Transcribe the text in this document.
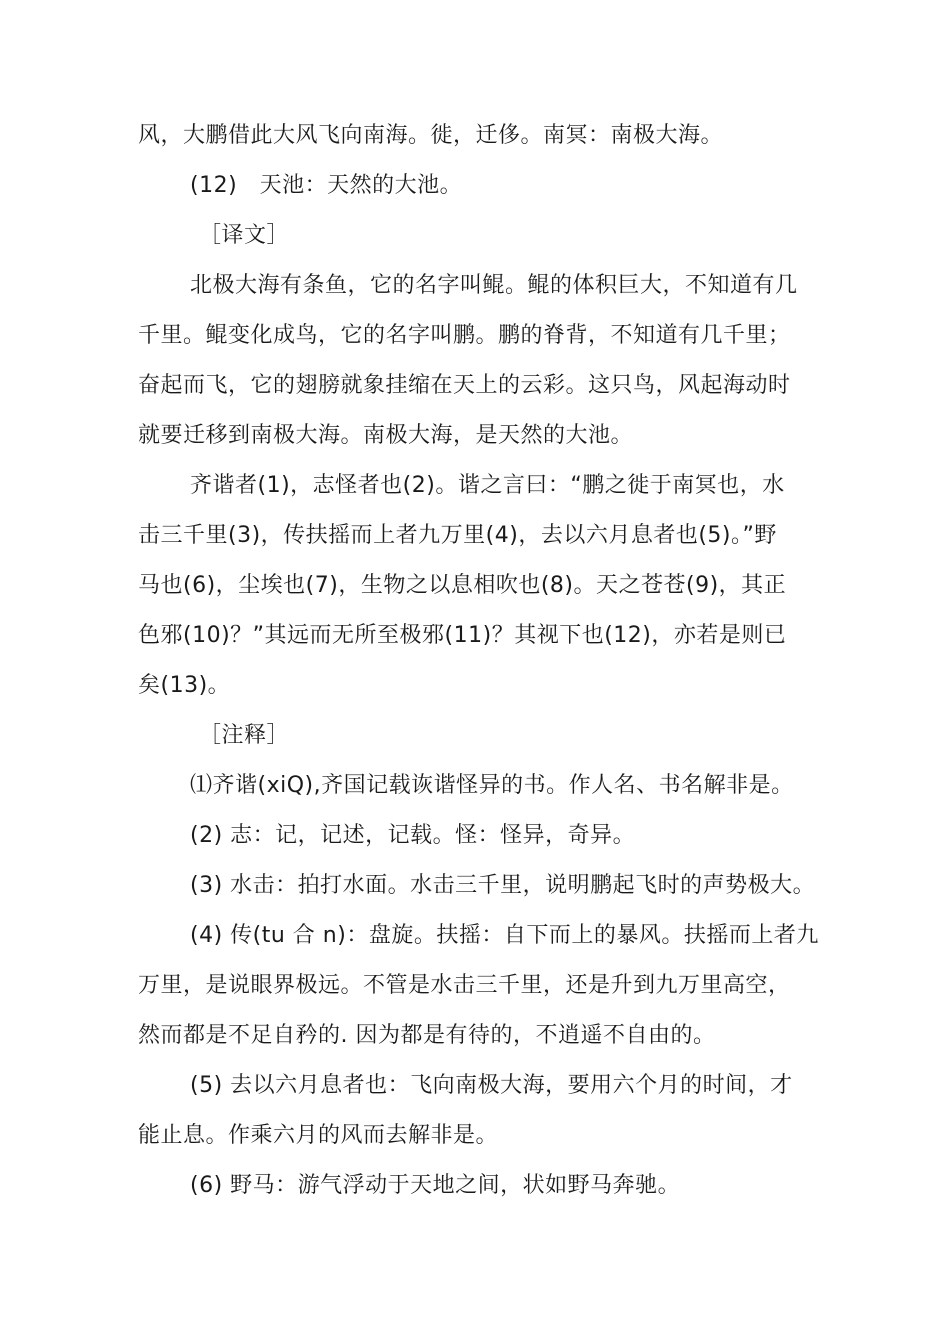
风，大鹏借此大风飞向南海。徙，迁侈。南冥：南极大海。
(12)　天池：天然的大池。
［译文］
北极大海有条鱼，它的名字叫鲲。鲲的体积巨大，不知道有几
千里。鲲变化成鸟，它的名字叫鹏。鹏的脊背，不知道有几千里；
奋起而飞，它的翅膀就象挂缩在天上的云彩。这只鸟，风起海动时
就要迁移到南极大海。南极大海，是天然的大池。
齐谐者(1)，志怪者也(2)。谐之言曰：“鹏之徙于南冥也，水
击三千里(3)，传扶摇而上者九万里(4)，去以六月息者也(5)。”野
马也(6)，尘埃也(7)，生物之以息相吹也(8)。天之苍苍(9)，其正
色邪(10)？”其远而无所至极邪(11)？其视下也(12)，亦若是则已
矣(13)。
［注释］
⑴齐谐(xiQ),齐国记载诙谐怪异的书。作人名、书名解非是。
(2) 志：记，记述，记载。怪：怪异，奇异。
(3) 水击：拍打水面。水击三千里，说明鹏起飞时的声势极大。
(4) 传(tu 合 n)：盘旋。扶摇：自下而上的暴风。扶摇而上者九
万里，是说眼界极远。不管是水击三千里，还是升到九万里高空，
然而都是不足自矜的. 因为都是有待的，不逍遥不自由的。
(5) 去以六月息者也：飞向南极大海，要用六个月的时间，才
能止息。作乘六月的风而去解非是。
(6) 野马：游气浮动于天地之间，状如野马奔驰。
